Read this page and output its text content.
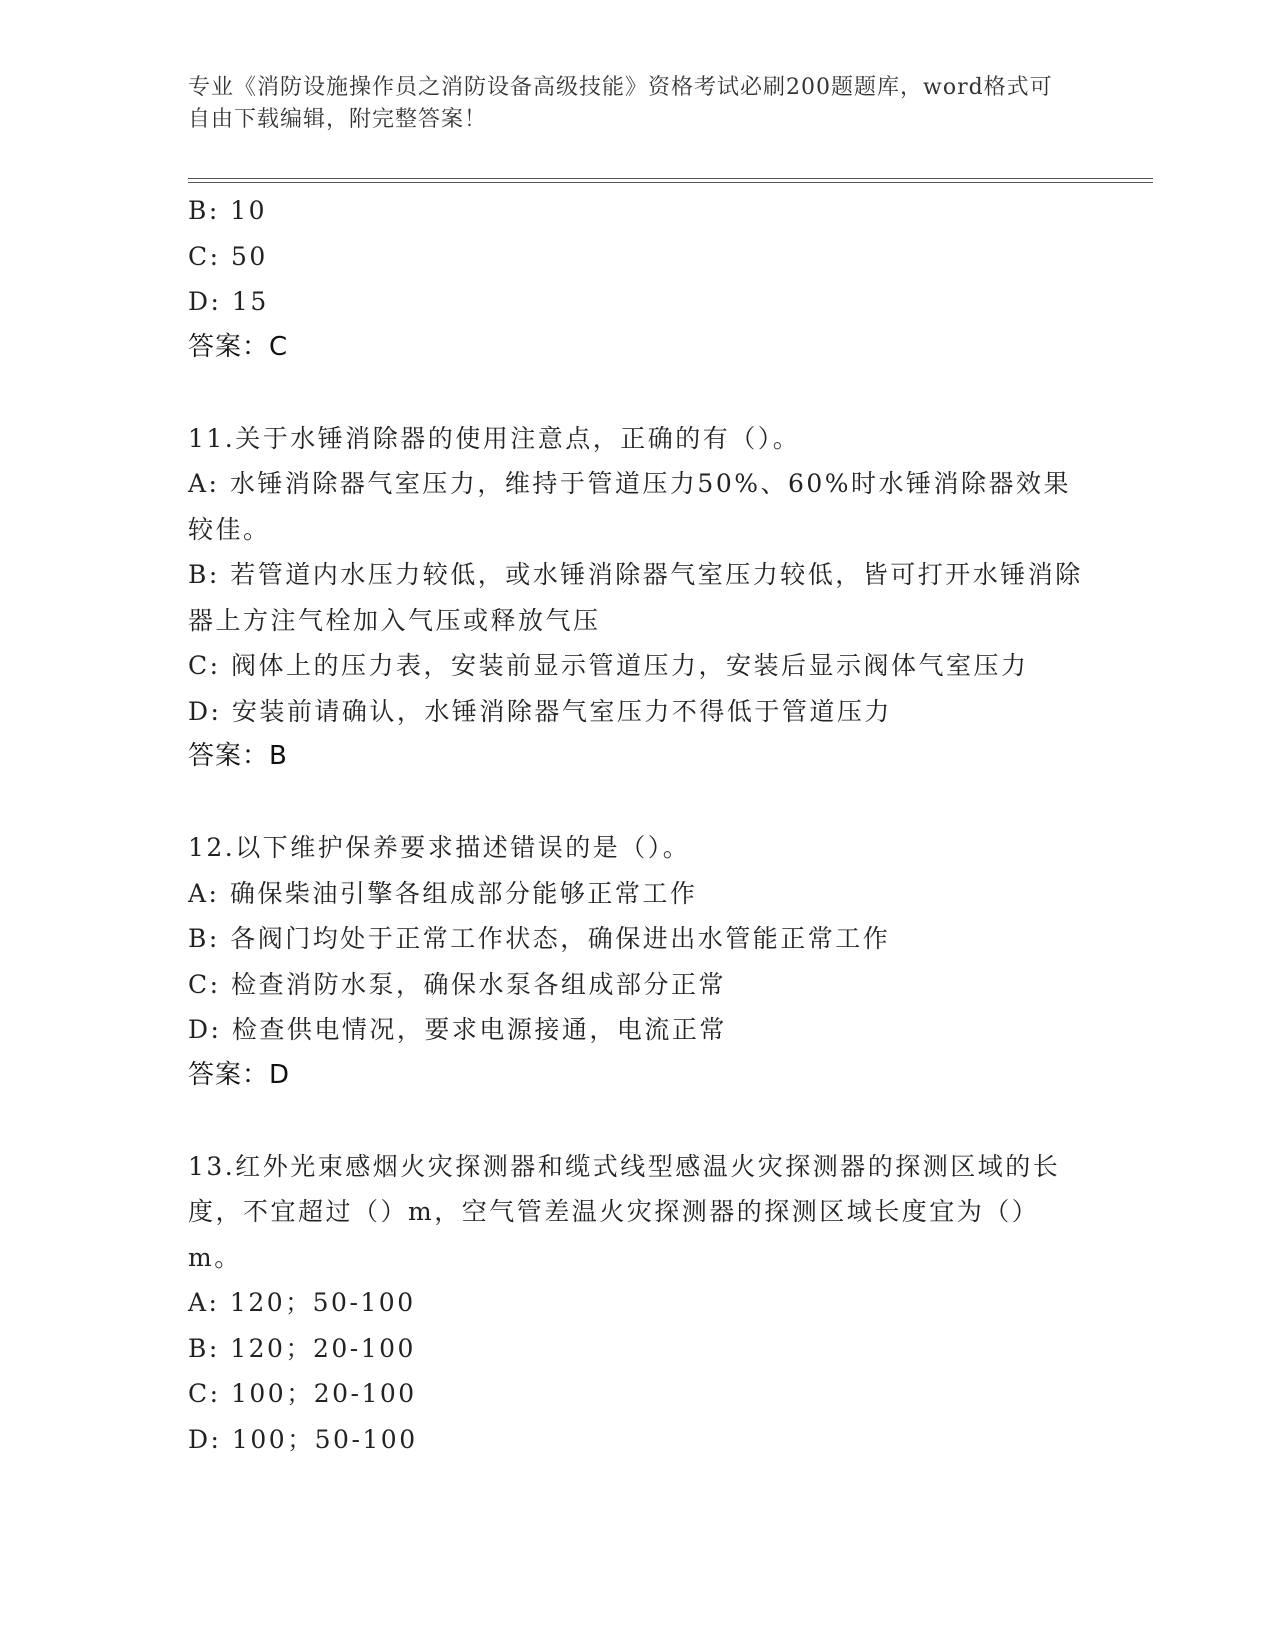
专业《消防设施操作员之消防设备高级技能》资格考试必刷200题题库，word格式可自由下载编辑，附完整答案！
B: 10
C: 50
D: 15
答案：C
11.关于水锤消除器的使用注意点，正确的有（）。
A: 水锤消除器气室压力，维持于管道压力50%、60%时水锤消除器效果较佳。
B: 若管道内水压力较低，或水锤消除器气室压力较低，皆可打开水锤消除器上方注气栓加入气压或释放气压
C: 阀体上的压力表，安装前显示管道压力，安装后显示阀体气室压力
D: 安装前请确认，水锤消除器气室压力不得低于管道压力
答案：B
12.以下维护保养要求描述错误的是（）。
A: 确保柴油引擎各组成部分能够正常工作
B: 各阀门均处于正常工作状态，确保进出水管能正常工作
C: 检查消防水泵，确保水泵各组成部分正常
D: 检查供电情况，要求电源接通，电流正常
答案：D
13.红外光束感烟火灾探测器和缆式线型感温火灾探测器的探测区域的长度，不宜超过（）m，空气管差温火灾探测器的探测区域长度宜为（）m。
A: 120；50-100
B: 120；20-100
C: 100；20-100
D: 100；50-100
